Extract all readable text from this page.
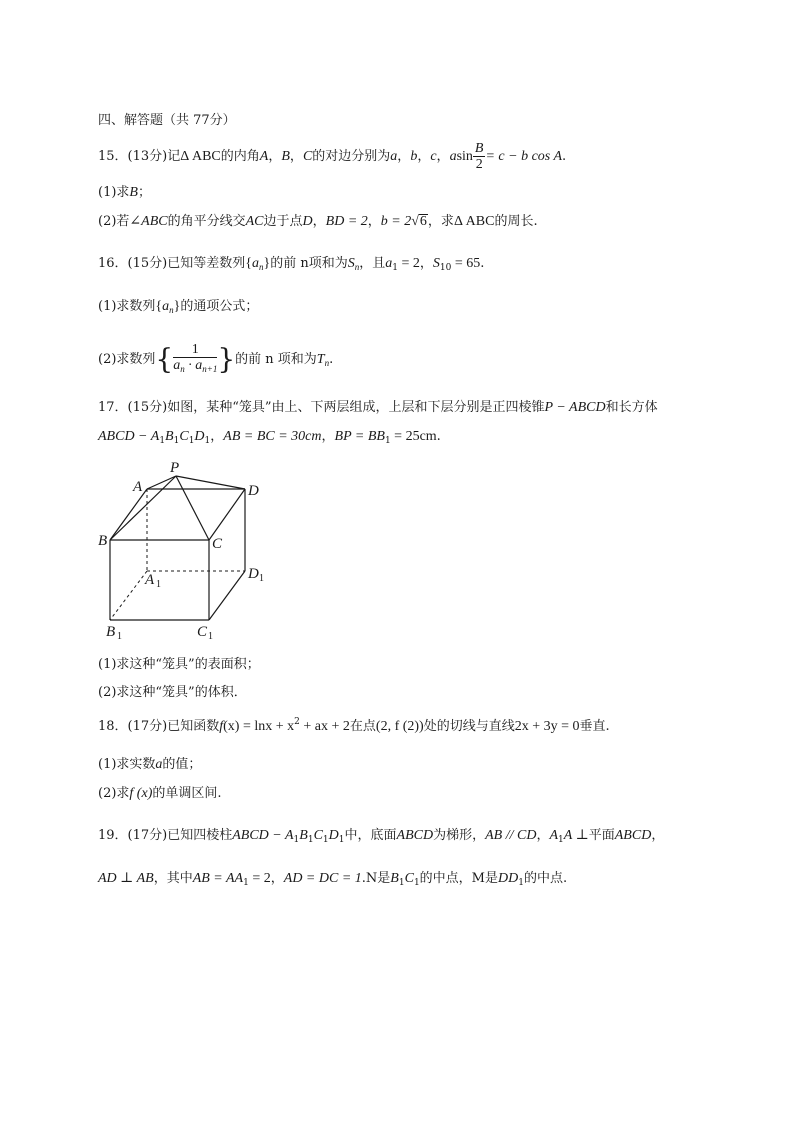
四、解答题（共 77分）
15．(13分)记Δ ABC的内角A，B，C的对边分别为a，b，c，asin $\frac{B}{2} = c - b$ cos A.
(1)求B；
(2)若∠ABC的角平分线交AC边于点D，BD = 2，b = 2√6，求Δ ABC的周长.
16．(15分)已知等差数列$\{a_n\}$的前 n项和为$S_n$，且$a_1 = 2$，$S_{10} = 65$.
(1)求数列$\{a_n\}$的通项公式；
(2)求数列{ $\frac{1}{a_n \cdot a_{n+1}}$ }的前 n 项和为$T_n$.
17．(15分)如图，某种“笼具”由上、下两层组成，上层和下层分别是正四棱锥P − ABCD和长方体
ABCD − $A_1B_1C_1D_1$，AB = BC = 30cm，BP = $BB_1 = 25cm$.
P
A	D
B	C
A	D
B	C
1
1
1	1
(1)求这种“笼具”的表面积；
(2)求这种“笼具”的体积．
18．(17分)已知函数$f(x) = \ln x + x^2$ + ax + 2在点(2, f (2))处的切线与直线2x + 3y = 0垂直.
(1)求实数a的值；
(2)求f (x)的单调区间.
19．(17分)已知四棱柱ABCD − $A_1B_1C_1D_1$中，底面ABCD为梯形，AB // CD，$A_1A$ ⊥平面ABCD，
AD ⊥ AB，其中AB = $AA_1 = 2$，AD = DC = 1.N是$B_1C_1$的中点，M是$DD_1$的中点.
